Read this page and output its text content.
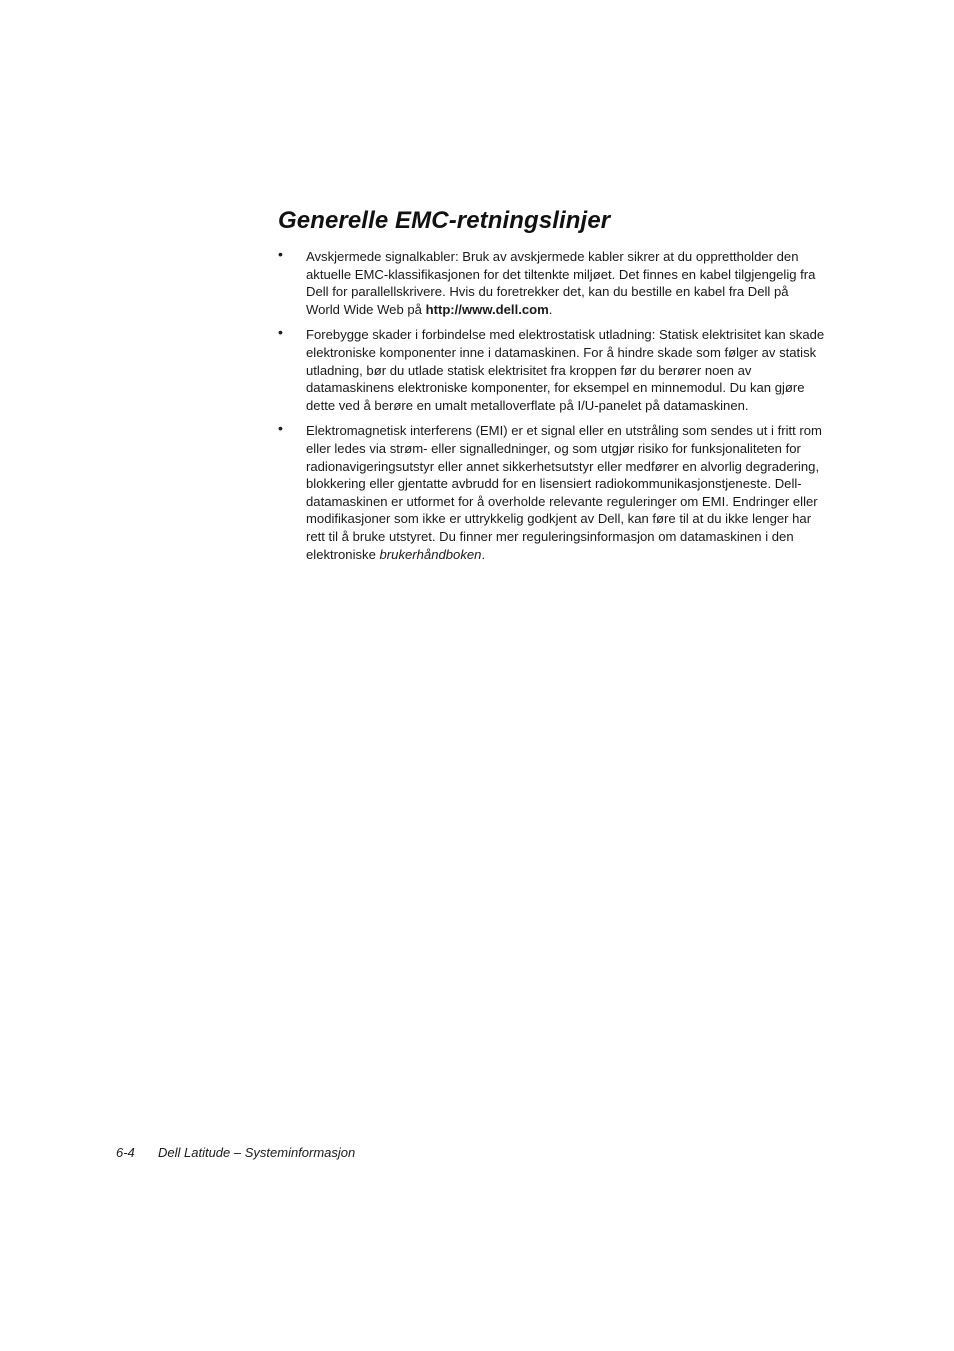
Generelle EMC-retningslinjer
• Avskjermede signalkabler: Bruk av avskjermede kabler sikrer at du opprettholder den aktuelle EMC-klassifikasjonen for det tiltenkte miljøet. Det finnes en kabel tilgjengelig fra Dell for parallellskrivere. Hvis du foretrekker det, kan du bestille en kabel fra Dell på World Wide Web på http://www.dell.com.
• Forebygge skader i forbindelse med elektrostatisk utladning: Statisk elektrisitet kan skade elektroniske komponenter inne i datamaskinen. For å hindre skade som følger av statisk utladning, bør du utlade statisk elektrisitet fra kroppen før du berører noen av datamaskinens elektroniske komponenter, for eksempel en minnemodul. Du kan gjøre dette ved å berøre en umalt metalloverflate på I/U-panelet på datamaskinen.
• Elektromagnetisk interferens (EMI) er et signal eller en utstråling som sendes ut i fritt rom eller ledes via strøm- eller signalledninger, og som utgjør risiko for funksjonaliteten for radionavigeringsutstyr eller annet sikkerhetsutstyr eller medfører en alvorlig degradering, blokkering eller gjentatte avbrudd for en lisensiert radiokommunikasjonstjeneste. Dell-datamaskinen er utformet for å overholde relevante reguleringer om EMI. Endringer eller modifikasjoner som ikke er uttrykkelig godkjent av Dell, kan føre til at du ikke lenger har rett til å bruke utstyret. Du finner mer reguleringsinformasjon om datamaskinen i den elektroniske brukerhåndboken.
6-4 Dell Latitude – Systeminformasjon
